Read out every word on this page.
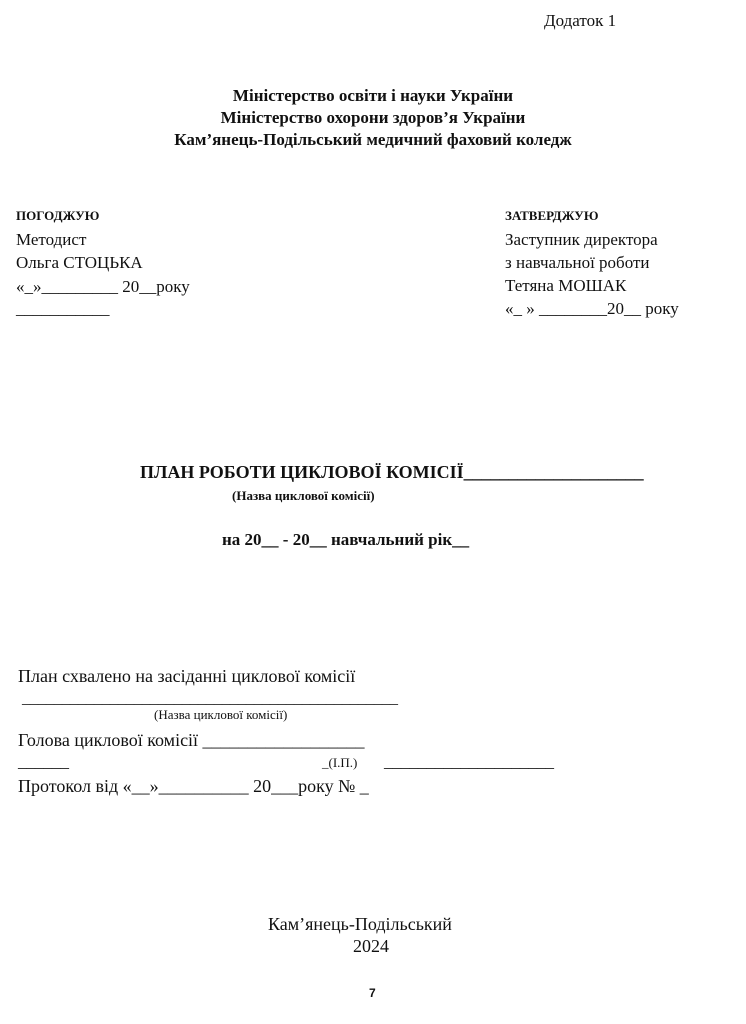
Додаток 1
Міністерство освіти і науки України
Міністерство охорони здоров’я України
Кам’янець-Подільський медичний фаховий коледж
ПОГОДЖУЮ
Методист
Ольга СТОЦЬКА
«_»_________ 20__року
___________
ЗАТВЕРДЖУЮ
Заступник директора
з навчальної роботи
Тетяна МОШАК
«_ » ________20__ року
ПЛАН РОБОТИ ЦИКЛОВОЇ КОМІСІЇ____________________
(Назва циклової комісії)
на 20__ - 20__ навчальний рік__
План схвалено на засіданні циклової комісії
_______________________________________________
(Назва циклової комісії)
Голова циклової комісії __________________
______	_(І.П.) ____________________
Протокол від «__»__________ 20___року № _
Кам’янець-Подільський
2024
7
